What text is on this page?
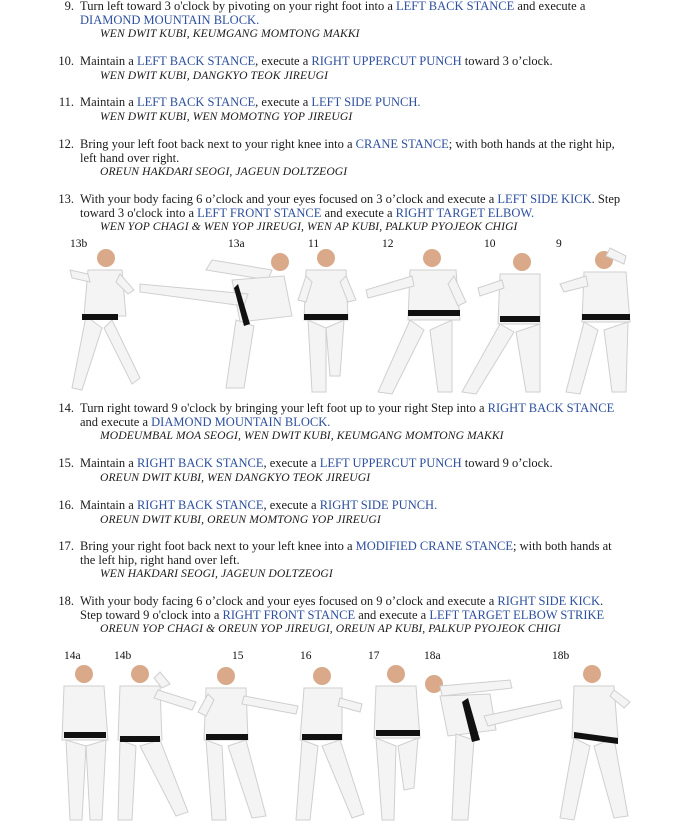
9. Turn left toward 3 o'clock by pivoting on your right foot into a LEFT BACK STANCE and execute a
DIAMOND MOUNTAIN BLOCK.
WEN DWIT KUBI, KEUMGANG MOMTONG MAKKI
10. Maintain a LEFT BACK STANCE, execute a RIGHT UPPERCUT PUNCH toward 3 o’clock.
WEN DWIT KUBI, DANGKYO TEOK JIREUGI
11. Maintain a LEFT BACK STANCE, execute a LEFT SIDE PUNCH.
WEN DWIT KUBI, WEN MOMOTNG YOP JIREUGI
12. Bring your left foot back next to your right knee into a CRANE STANCE; with both hands at the right hip,
left hand over right.
OREUN HAKDARI SEOGI, JAGEUN DOLTZEOGI
13. With your body facing 6 o’clock and your eyes focused on 3 o’clock and execute a LEFT SIDE KICK. Step
toward 3 o'clock into a LEFT FRONT STANCE and execute a RIGHT TARGET ELBOW.
WEN YOP CHAGI & WEN YOP JIREUGI, WEN AP KUBI, PALKUP PYOJEOK CHIGI
13b	13a	11	12	10	9
14. Turn right toward 9 o'clock by bringing your left foot up to your right Step into a RIGHT BACK STANCE
and execute a DIAMOND MOUNTAIN BLOCK.
MODEUMBAL MOA SEOGI, WEN DWIT KUBI, KEUMGANG MOMTONG MAKKI
15. Maintain a RIGHT BACK STANCE, execute a LEFT UPPERCUT PUNCH toward 9 o’clock.
OREUN DWIT KUBI, WEN DANGKYO TEOK JIREUGI
16. Maintain a RIGHT BACK STANCE, execute a RIGHT SIDE PUNCH.
OREUN DWIT KUBI, OREUN MOMTONG YOP JIREUGI
17. Bring your right foot back next to your left knee into a MODIFIED CRANE STANCE; with both hands at
the left hip, right hand over left.
WEN HAKDARI SEOGI, JAGEUN DOLTZEOGI
18. With your body facing 6 o’clock and your eyes focused on 9 o’clock and execute a RIGHT SIDE KICK.
Step toward 9 o'clock into a RIGHT FRONT STANCE and execute a LEFT TARGET ELBOW STRIKE
OREUN YOP CHAGI & OREUN YOP JIREUGI, OREUN AP KUBI, PALKUP PYOJEOK CHIGI
14a	14b	15	16	17	18a	18b
